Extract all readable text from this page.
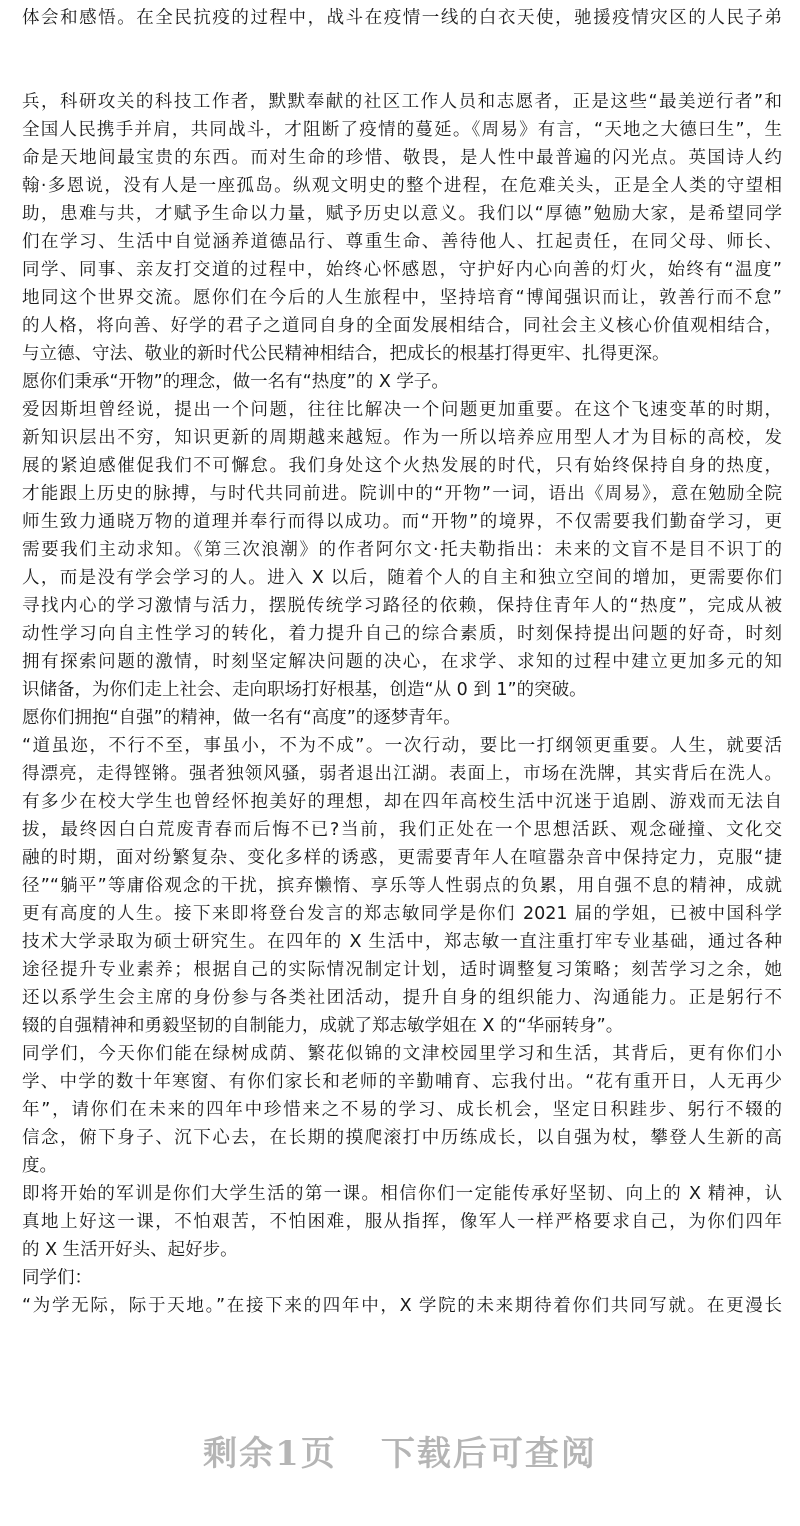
体会和感悟。在全民抗疫的过程中，战斗在疫情一线的白衣天使，驰援疫情灾区的人民子弟
兵，科研攻关的科技工作者，默默奉献的社区工作人员和志愿者，正是这些“最美逆行者”和
全国人民携手并肩，共同战斗，才阻断了疫情的蔓延。《周易》有言，“天地之大德曰生”，生
命是天地间最宝贵的东西。而对生命的珍惜、敬畏，是人性中最普遍的闪光点。英国诗人约
翰·多恩说，没有人是一座孤岛。纵观文明史的整个进程，在危难关头，正是全人类的守望相
助，患难与共，才赋予生命以力量，赋予历史以意义。我们以“厚德”勉励大家，是希望同学
们在学习、生活中自觉涵养道德品行、尊重生命、善待他人、扛起责任，在同父母、师长、
同学、同事、亲友打交道的过程中，始终心怀感恩，守护好内心向善的灯火，始终有“温度”
地同这个世界交流。愿你们在今后的人生旅程中，坚持培育“博闻强识而让，敦善行而不怠”
的人格，将向善、好学的君子之道同自身的全面发展相结合，同社会主义核心价值观相结合，
与立德、守法、敬业的新时代公民精神相结合，把成长的根基打得更牢、扎得更深。
愿你们秉承“开物”的理念，做一名有“热度”的 X 学子。
爱因斯坦曾经说，提出一个问题，往往比解决一个问题更加重要。在这个飞速变革的时期，
新知识层出不穷，知识更新的周期越来越短。作为一所以培养应用型人才为目标的高校，发
展的紧迫感催促我们不可懈怠。我们身处这个火热发展的时代，只有始终保持自身的热度，
才能跟上历史的脉搏，与时代共同前进。院训中的“开物”一词，语出《周易》，意在勉励全院
师生致力通晓万物的道理并奉行而得以成功。而“开物”的境界，不仅需要我们勤奋学习，更
需要我们主动求知。《第三次浪潮》的作者阿尔文·托夫勒指出：未来的文盲不是目不识丁的
人，而是没有学会学习的人。进入 X 以后，随着个人的自主和独立空间的增加，更需要你们
寻找内心的学习激情与活力，摆脱传统学习路径的依赖，保持住青年人的“热度”，完成从被
动性学习向自主性学习的转化，着力提升自己的综合素质，时刻保持提出问题的好奇，时刻
拥有探索问题的激情，时刻坚定解决问题的决心，在求学、求知的过程中建立更加多元的知
识储备，为你们走上社会、走向职场打好根基，创造“从 0 到 1”的突破。
愿你们拥抱“自强”的精神，做一名有“高度”的逐梦青年。
“道虽迩，不行不至，事虽小，不为不成”。一次行动，要比一打纲领更重要。人生，就要活
得漂亮，走得铿锵。强者独领风骚，弱者退出江湖。表面上，市场在洗牌，其实背后在洗人。
有多少在校大学生也曾经怀抱美好的理想，却在四年高校生活中沉迷于追剧、游戏而无法自
拔，最终因白白荒废青春而后悔不已?当前，我们正处在一个思想活跃、观念碰撞、文化交
融的时期，面对纷繁复杂、变化多样的诱惑，更需要青年人在喧嚣杂音中保持定力，克服“捷
径”“躺平”等庸俗观念的干扰，摈弃懒惰、享乐等人性弱点的负累，用自强不息的精神，成就
更有高度的人生。接下来即将登台发言的郑志敏同学是你们 2021 届的学姐，已被中国科学
技术大学录取为硕士研究生。在四年的 X 生活中，郑志敏一直注重打牢专业基础，通过各种
途径提升专业素养；根据自己的实际情况制定计划，适时调整复习策略；刻苦学习之余，她
还以系学生会主席的身份参与各类社团活动，提升自身的组织能力、沟通能力。正是躬行不
辍的自强精神和勇毅坚韧的自制能力，成就了郑志敏学姐在 X 的“华丽转身”。
同学们，今天你们能在绿树成荫、繁花似锦的文津校园里学习和生活，其背后，更有你们小
学、中学的数十年寒窗、有你们家长和老师的辛勤哺育、忘我付出。“花有重开日，人无再少
年”，请你们在未来的四年中珍惜来之不易的学习、成长机会，坚定日积跬步、躬行不辍的
信念，俯下身子、沉下心去，在长期的摸爬滚打中历练成长，以自强为杖，攀登人生新的高
度。
即将开始的军训是你们大学生活的第一课。相信你们一定能传承好坚韧、向上的 X 精神，认
真地上好这一课，不怕艰苦，不怕困难，服从指挥，像军人一样严格要求自己，为你们四年
的 X 生活开好头、起好步。
同学们：
“为学无际，际于天地。”在接下来的四年中，X 学院的未来期待着你们共同写就。在更漫长
剩余1页 下载后可查阅
